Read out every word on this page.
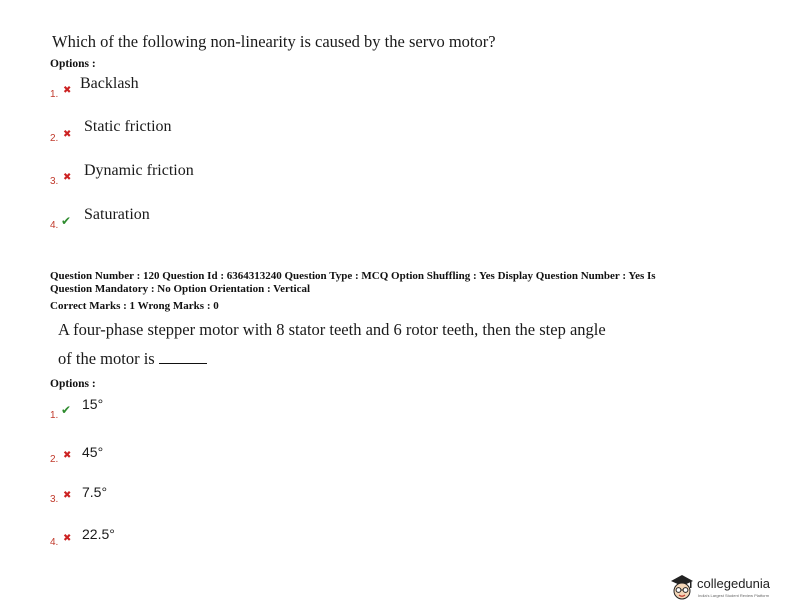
Which of the following non-linearity is caused by the servo motor?
Options :
1. ✖ Backlash
2. ✖ Static friction
3. ✖ Dynamic friction
4. ✔ Saturation
Question Number : 120 Question Id : 6364313240 Question Type : MCQ Option Shuffling : Yes Display Question Number : Yes Is
Question Mandatory : No Option Orientation : Vertical
Correct Marks : 1 Wrong Marks : 0
A four-phase stepper motor with 8 stator teeth and 6 rotor teeth, then the step angle
of the motor is
Options :
1. ✔ 15°
2. ✖ 45°
3. ✖ 7.5°
4. ✖ 22.5°
collegedunia
India's Largest Student Review Platform
